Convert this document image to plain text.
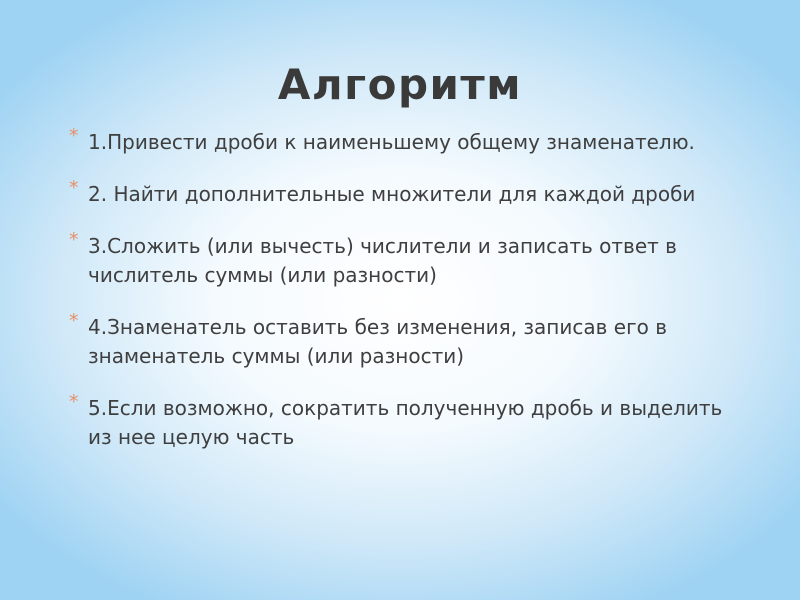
Алгоритм
* 1.Привести дроби к наименьшему общему знаменателю.
* 2. Найти дополнительные множители для каждой дроби
* 3.Сложить (или вычесть) числители и записать ответ в числитель суммы (или разности)
* 4.Знаменатель оставить без изменения, записав его в знаменатель суммы (или разности)
* 5.Если возможно, сократить полученную дробь и выделить из нее целую часть
